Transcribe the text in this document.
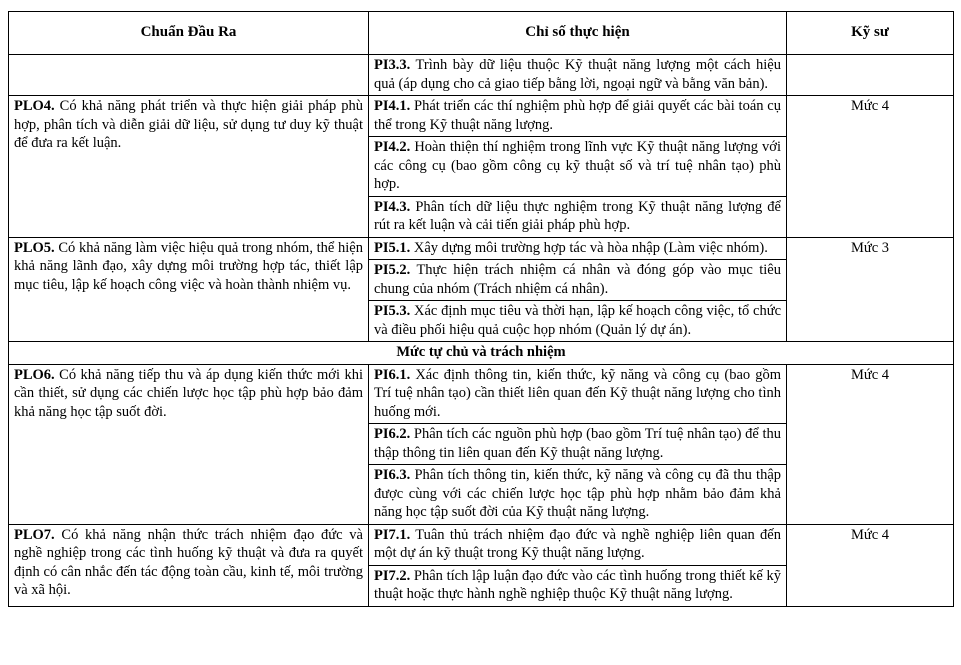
Chuẩn Đầu Ra	Chỉ số thực hiện	Kỹ sư
	PI3.3. Trình bày dữ liệu thuộc Kỹ thuật năng lượng một cách hiệu quả (áp dụng cho cả giao tiếp bằng lời, ngoại ngữ và bằng văn bản).	
PLO4. Có khả năng phát triển và thực hiện giải pháp phù hợp, phân tích và diễn giải dữ liệu, sử dụng tư duy kỹ thuật để đưa ra kết luận.	PI4.1. Phát triển các thí nghiệm phù hợp để giải quyết các bài toán cụ thể trong Kỹ thuật năng lượng.	Mức 4
	PI4.2. Hoàn thiện thí nghiệm trong lĩnh vực Kỹ thuật năng lượng với các công cụ (bao gồm công cụ kỹ thuật số và trí tuệ nhân tạo) phù hợp.	
	PI4.3. Phân tích dữ liệu thực nghiệm trong Kỹ thuật năng lượng để rút ra kết luận và cải tiến giải pháp phù hợp.	
PLO5. Có khả năng làm việc hiệu quả trong nhóm, thể hiện khả năng lãnh đạo, xây dựng môi trường hợp tác, thiết lập mục tiêu, lập kế hoạch công việc và hoàn thành nhiệm vụ.	PI5.1. Xây dựng môi trường hợp tác và hòa nhập (Làm việc nhóm).	Mức 3
	PI5.2. Thực hiện trách nhiệm cá nhân và đóng góp vào mục tiêu chung của nhóm (Trách nhiệm cá nhân).	
	PI5.3. Xác định mục tiêu và thời hạn, lập kế hoạch công việc, tổ chức và điều phối hiệu quả cuộc họp nhóm (Quản lý dự án).	
Mức tự chủ và trách nhiệm		
PLO6. Có khả năng tiếp thu và áp dụng kiến thức mới khi cần thiết, sử dụng các chiến lược học tập phù hợp bảo đảm khả năng học tập suốt đời.	PI6.1. Xác định thông tin, kiến thức, kỹ năng và công cụ (bao gồm Trí tuệ nhân tạo) cần thiết liên quan đến Kỹ thuật năng lượng cho tình huống mới.	Mức 4
	PI6.2. Phân tích các nguồn phù hợp (bao gồm Trí tuệ nhân tạo) để thu thập thông tin liên quan đến Kỹ thuật năng lượng.	
	PI6.3. Phân tích thông tin, kiến thức, kỹ năng và công cụ đã thu thập được cùng với các chiến lược học tập phù hợp nhằm bảo đảm khả năng học tập suốt đời của Kỹ thuật năng lượng.	
PLO7. Có khả năng nhận thức trách nhiệm đạo đức và nghề nghiệp trong các tình huống kỹ thuật và đưa ra quyết định có cân nhắc đến tác động toàn cầu, kinh tế, môi trường và xã hội.	PI7.1. Tuân thủ trách nhiệm đạo đức và nghề nghiệp liên quan đến một dự án kỹ thuật trong Kỹ thuật năng lượng.	Mức 4
	PI7.2. Phân tích lập luận đạo đức vào các tình huống trong thiết kế kỹ thuật hoặc thực hành nghề nghiệp thuộc Kỹ thuật năng lượng.	
